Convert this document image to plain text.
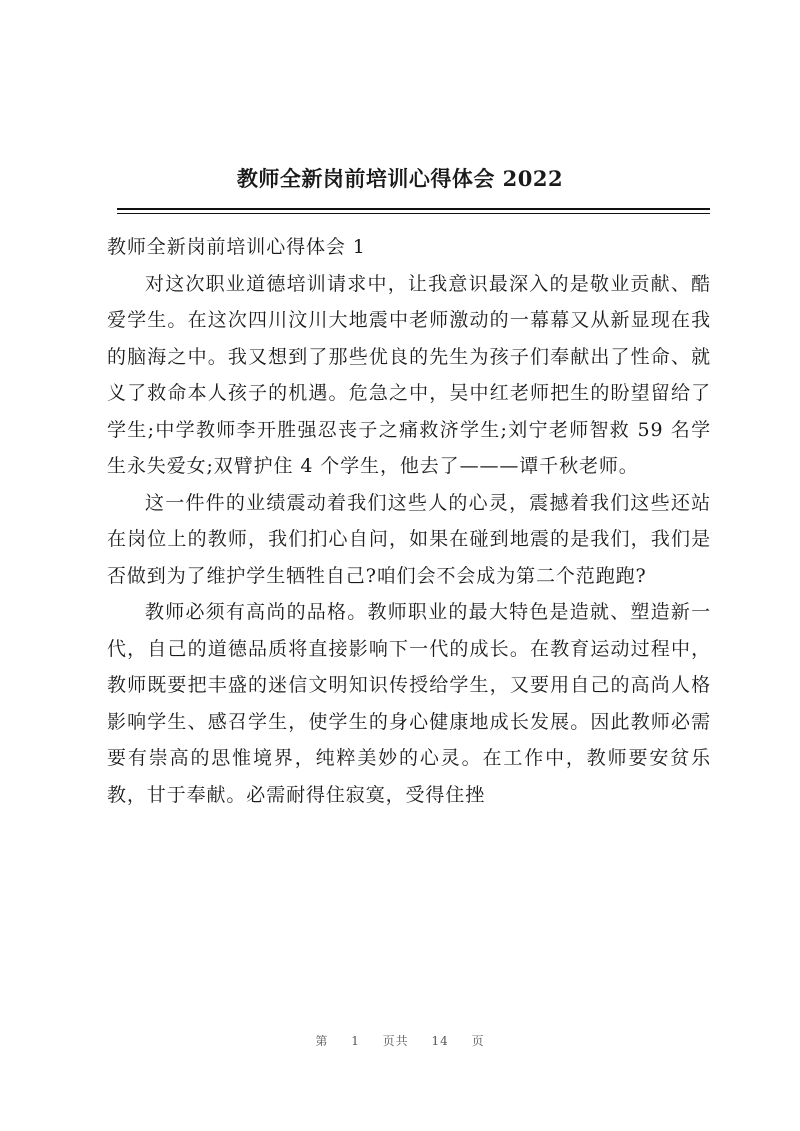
教师全新岗前培训心得体会 2022

教师全新岗前培训心得体会 1

对这次职业道德培训请求中，让我意识最深入的是敬业贡献、酷爱学生。在这次四川汶川大地震中老师激动的一幕幕又从新显现在我的脑海之中。我又想到了那些优良的先生为孩子们奉献出了性命、就义了救命本人孩子的机遇。危急之中，吴中红老师把生的盼望留给了学生;中学教师李开胜强忍丧子之痛救济学生;刘宁老师智救 59 名学生永失爱女;双臂护住 4 个学生，他去了———谭千秋老师。

这一件件的业绩震动着我们这些人的心灵，震撼着我们这些还站在岗位上的教师，我们扪心自问，如果在碰到地震的是我们，我们是否做到为了维护学生牺牲自己?咱们会不会成为第二个范跑跑?

教师必须有高尚的品格。教师职业的最大特色是造就、塑造新一代，自己的道德品质将直接影响下一代的成长。在教育运动过程中，教师既要把丰盛的迷信文明知识传授给学生，又要用自己的高尚人格影响学生、感召学生，使学生的身心健康地成长发展。因此教师必需要有崇高的思惟境界，纯粹美妙的心灵。在工作中，教师要安贫乐教，甘于奉献。必需耐得住寂寞，受得住挫

第 1 页共 14 页
